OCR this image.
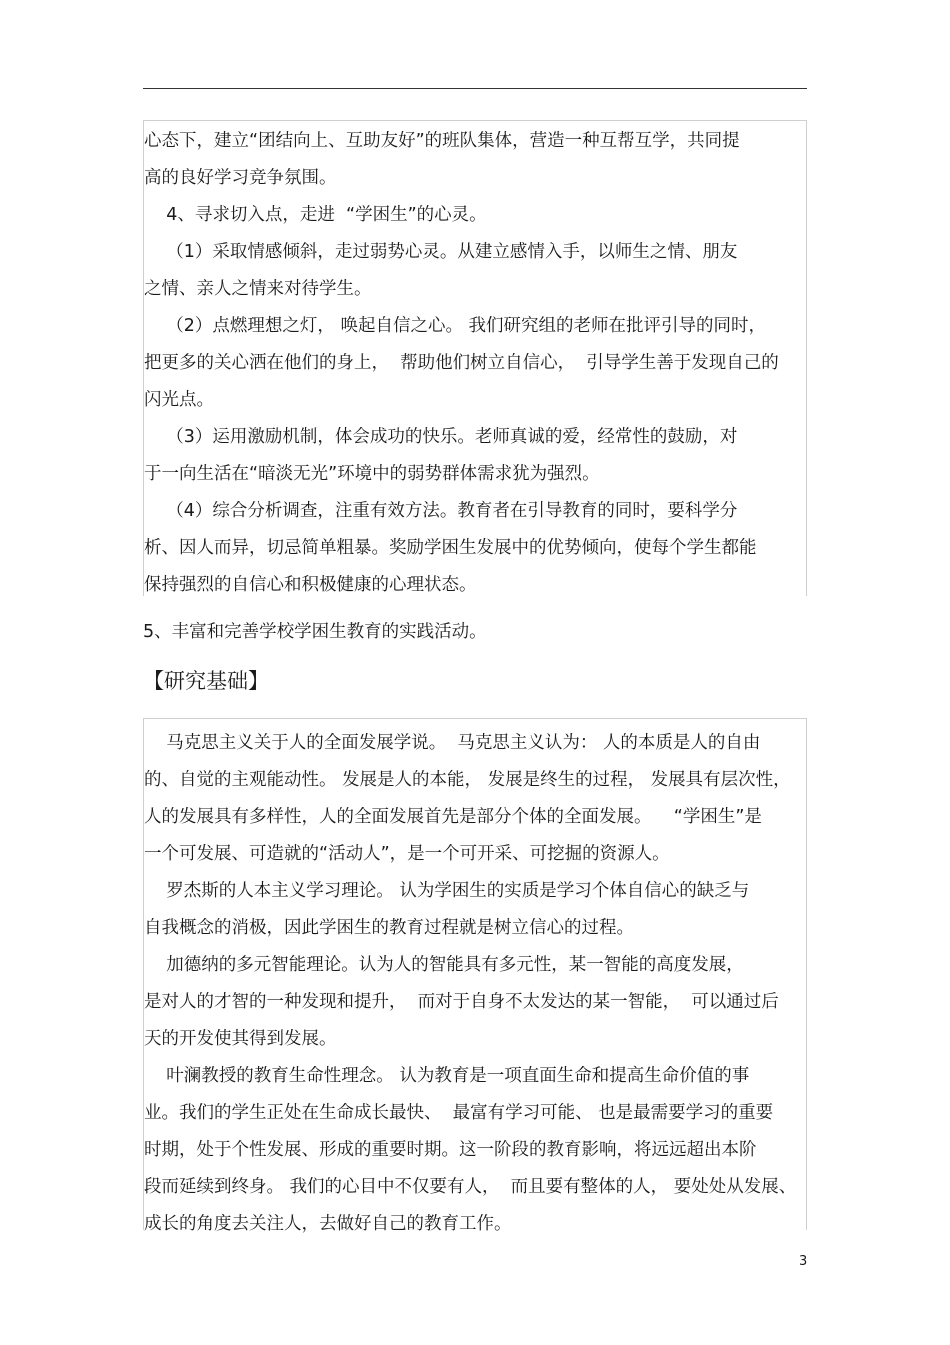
心态下，建立“团结向上、互助友好”的班队集体，营造一种互帮互学，共同提
高的良好学习竞争氛围。
4、寻求切入点，走进  “学困生”的心灵。
（1）采取情感倾斜，走过弱势心灵。从建立感情入手，以师生之情、朋友
之情、亲人之情来对待学生。
（2）点燃理想之灯， 唤起自信之心。 我们研究组的老师在批评引导的同时，
把更多的关心洒在他们的身上，  帮助他们树立自信心，  引导学生善于发现自己的
闪光点。
（3）运用激励机制，体会成功的快乐。老师真诚的爱，经常性的鼓励，对
于一向生活在“暗淡无光”环境中的弱势群体需求犹为强烈。
（4）综合分析调查，注重有效方法。教育者在引导教育的同时，要科学分
析、因人而异，切忌简单粗暴。奖励学困生发展中的优势倾向，使每个学生都能
保持强烈的自信心和积极健康的心理状态。
5、丰富和完善学校学困生教育的实践活动。
【研究基础】
马克思主义关于人的全面发展学说。  马克思主义认为： 人的本质是人的自由
的、自觉的主观能动性。 发展是人的本能， 发展是终生的过程， 发展具有层次性，
人的发展具有多样性，人的全面发展首先是部分个体的全面发展。    “学困生”是
一个可发展、可造就的“活动人”，是一个可开采、可挖掘的资源人。
罗杰斯的人本主义学习理论。 认为学困生的实质是学习个体自信心的缺乏与
自我概念的消极，因此学困生的教育过程就是树立信心的过程。
加德纳的多元智能理论。认为人的智能具有多元性，某一智能的高度发展，
是对人的才智的一种发现和提升，  而对于自身不太发达的某一智能，  可以通过后
天的开发使其得到发展。
叶澜教授的教育生命性理念。 认为教育是一项直面生命和提高生命价值的事
业。我们的学生正处在生命成长最快、  最富有学习可能、 也是最需要学习的重要
时期，处于个性发展、形成的重要时期。这一阶段的教育影响，将远远超出本阶
段而延续到终身。 我们的心目中不仅要有人，  而且要有整体的人， 要处处从发展、
成长的角度去关注人，去做好自己的教育工作。
3
